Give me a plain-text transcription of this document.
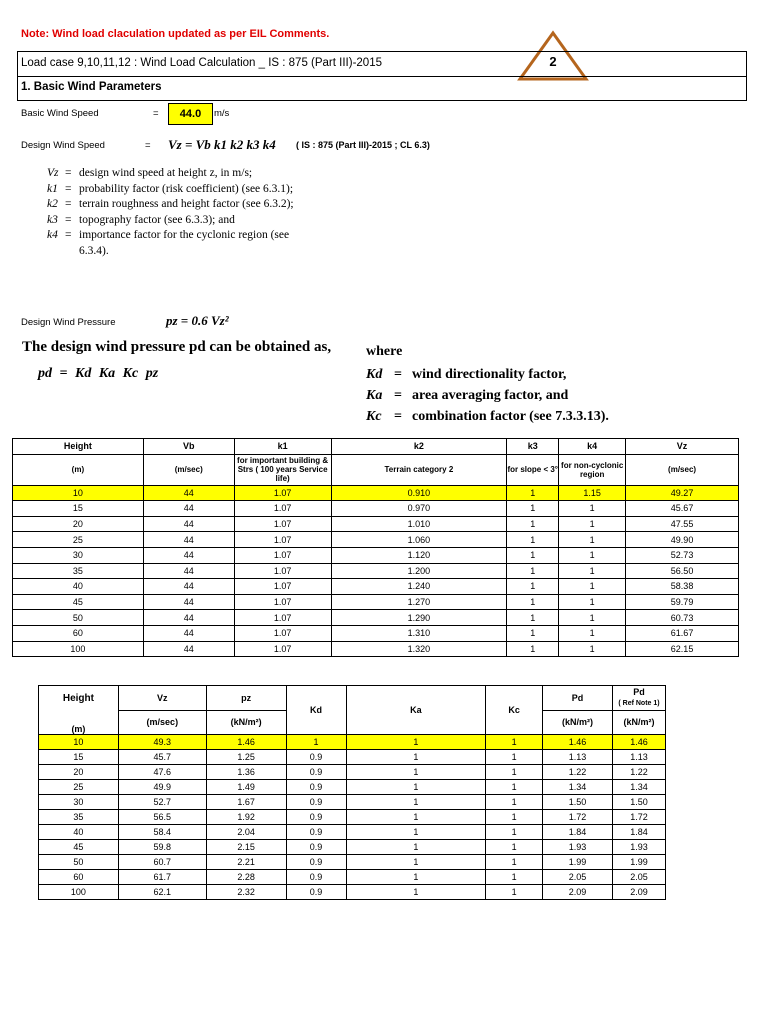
Note: Wind load claculation updated as per EIL Comments.
2
Load case 9,10,11,12 : Wind Load Calculation _ IS : 875 (Part III)-2015
1. Basic Wind Parameters
Basic Wind Speed	=	44.0	m/s
Design Wind Speed	= Vz = Vb k1 k2 k3 k4 ( IS : 875 (Part III)-2015 ; CL 6.3)
Vz = design wind speed at height z, in m/s;
k1 = probability factor (risk coefficient) (see 6.3.1);
k2 = terrain roughness and height factor (see 6.3.2);
k3 = topography factor (see 6.3.3); and
k4 = importance factor for the cyclonic region (see 6.3.4).
Design Wind Pressure	pz = 0.6 Vz²
The design wind pressure pd can be obtained as,
pd = Kd Ka Kc pz
where
Kd = wind directionality factor,
Ka = area averaging factor, and
Kc = combination factor (see 7.3.3.13).
Height	Vb	k1	k2	k3	k4	Vz
(m)	(m/sec)	for important building & Strs ( 100 years Service life)	Terrain category 2	for slope < 3°	for non-cyclonic region	(m/sec)
10	44	1.07	0.910	1	1.15	49.27
15	44	1.07	0.970	1	1	45.67
20	44	1.07	1.010	1	1	47.55
25	44	1.07	1.060	1	1	49.90
30	44	1.07	1.120	1	1	52.73
35	44	1.07	1.200	1	1	56.50
40	44	1.07	1.240	1	1	58.38
45	44	1.07	1.270	1	1	59.79
50	44	1.07	1.290	1	1	60.73
60	44	1.07	1.310	1	1	61.67
100	44	1.07	1.320	1	1	62.15
Height	Vz	pz	Kd	Ka	Kc	Pd	Pd
( Ref Note 1)
(m)	(m/sec)	(kN/m²)				(kN/m²)	(kN/m²)
10	49.3	1.46	1	1	1	1.46	1.46
15	45.7	1.25	0.9	1	1	1.13	1.13
20	47.6	1.36	0.9	1	1	1.22	1.22
25	49.9	1.49	0.9	1	1	1.34	1.34
30	52.7	1.67	0.9	1	1	1.50	1.50
35	56.5	1.92	0.9	1	1	1.72	1.72
40	58.4	2.04	0.9	1	1	1.84	1.84
45	59.8	2.15	0.9	1	1	1.93	1.93
50	60.7	2.21	0.9	1	1	1.99	1.99
60	61.7	2.28	0.9	1	1	2.05	2.05
100	62.1	2.32	0.9	1	1	2.09	2.09
